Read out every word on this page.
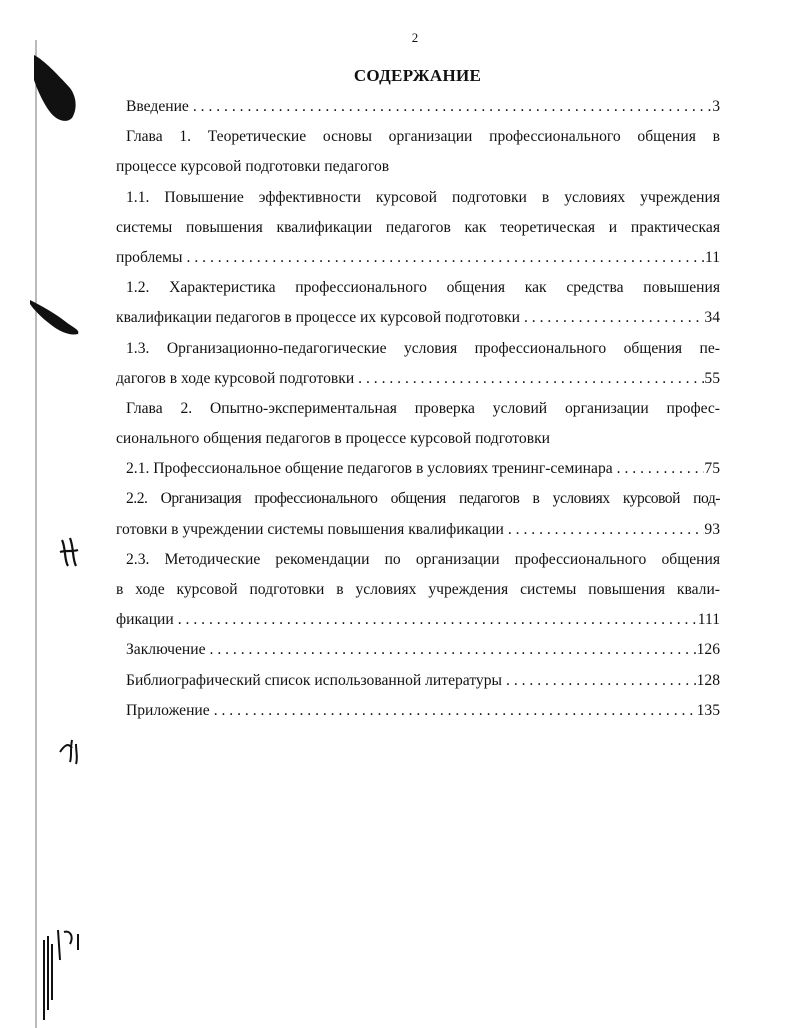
2
СОДЕРЖАНИЕ
Введение . . .	3
Глава 1. Теоретические основы организации профессионального общения в
процессе курсовой подготовки педагогов
1.1. Повышение эффективности курсовой подготовки в условиях учреждения
системы повышения квалификации педагогов как теоретическая и практическая
проблемы . . .	11
1.2. Характеристика профессионального общения как средства повышения
квалификации педагогов в процессе их курсовой подготовки . . .	34
1.3. Организационно-педагогические условия профессионального общения пе-
дагогов в ходе курсовой подготовки . . .	55
Глава 2. Опытно-экспериментальная проверка условий организации профес-
сионального общения педагогов в процессе курсовой подготовки
2.1. Профессиональное общение педагогов в условиях тренинг-семинара . . .	75
2.2. Организация профессионального общения педагогов в условиях курсовой под-
готовки в учреждении системы повышения квалификации . . .	93
2.3. Методические рекомендации по организации профессионального общения
в ходе курсовой подготовки в условиях учреждения системы повышения квали-
фикации . . .	111
Заключение . . .	126
Библиографический список использованной литературы . . .	128
Приложение . . .	135
